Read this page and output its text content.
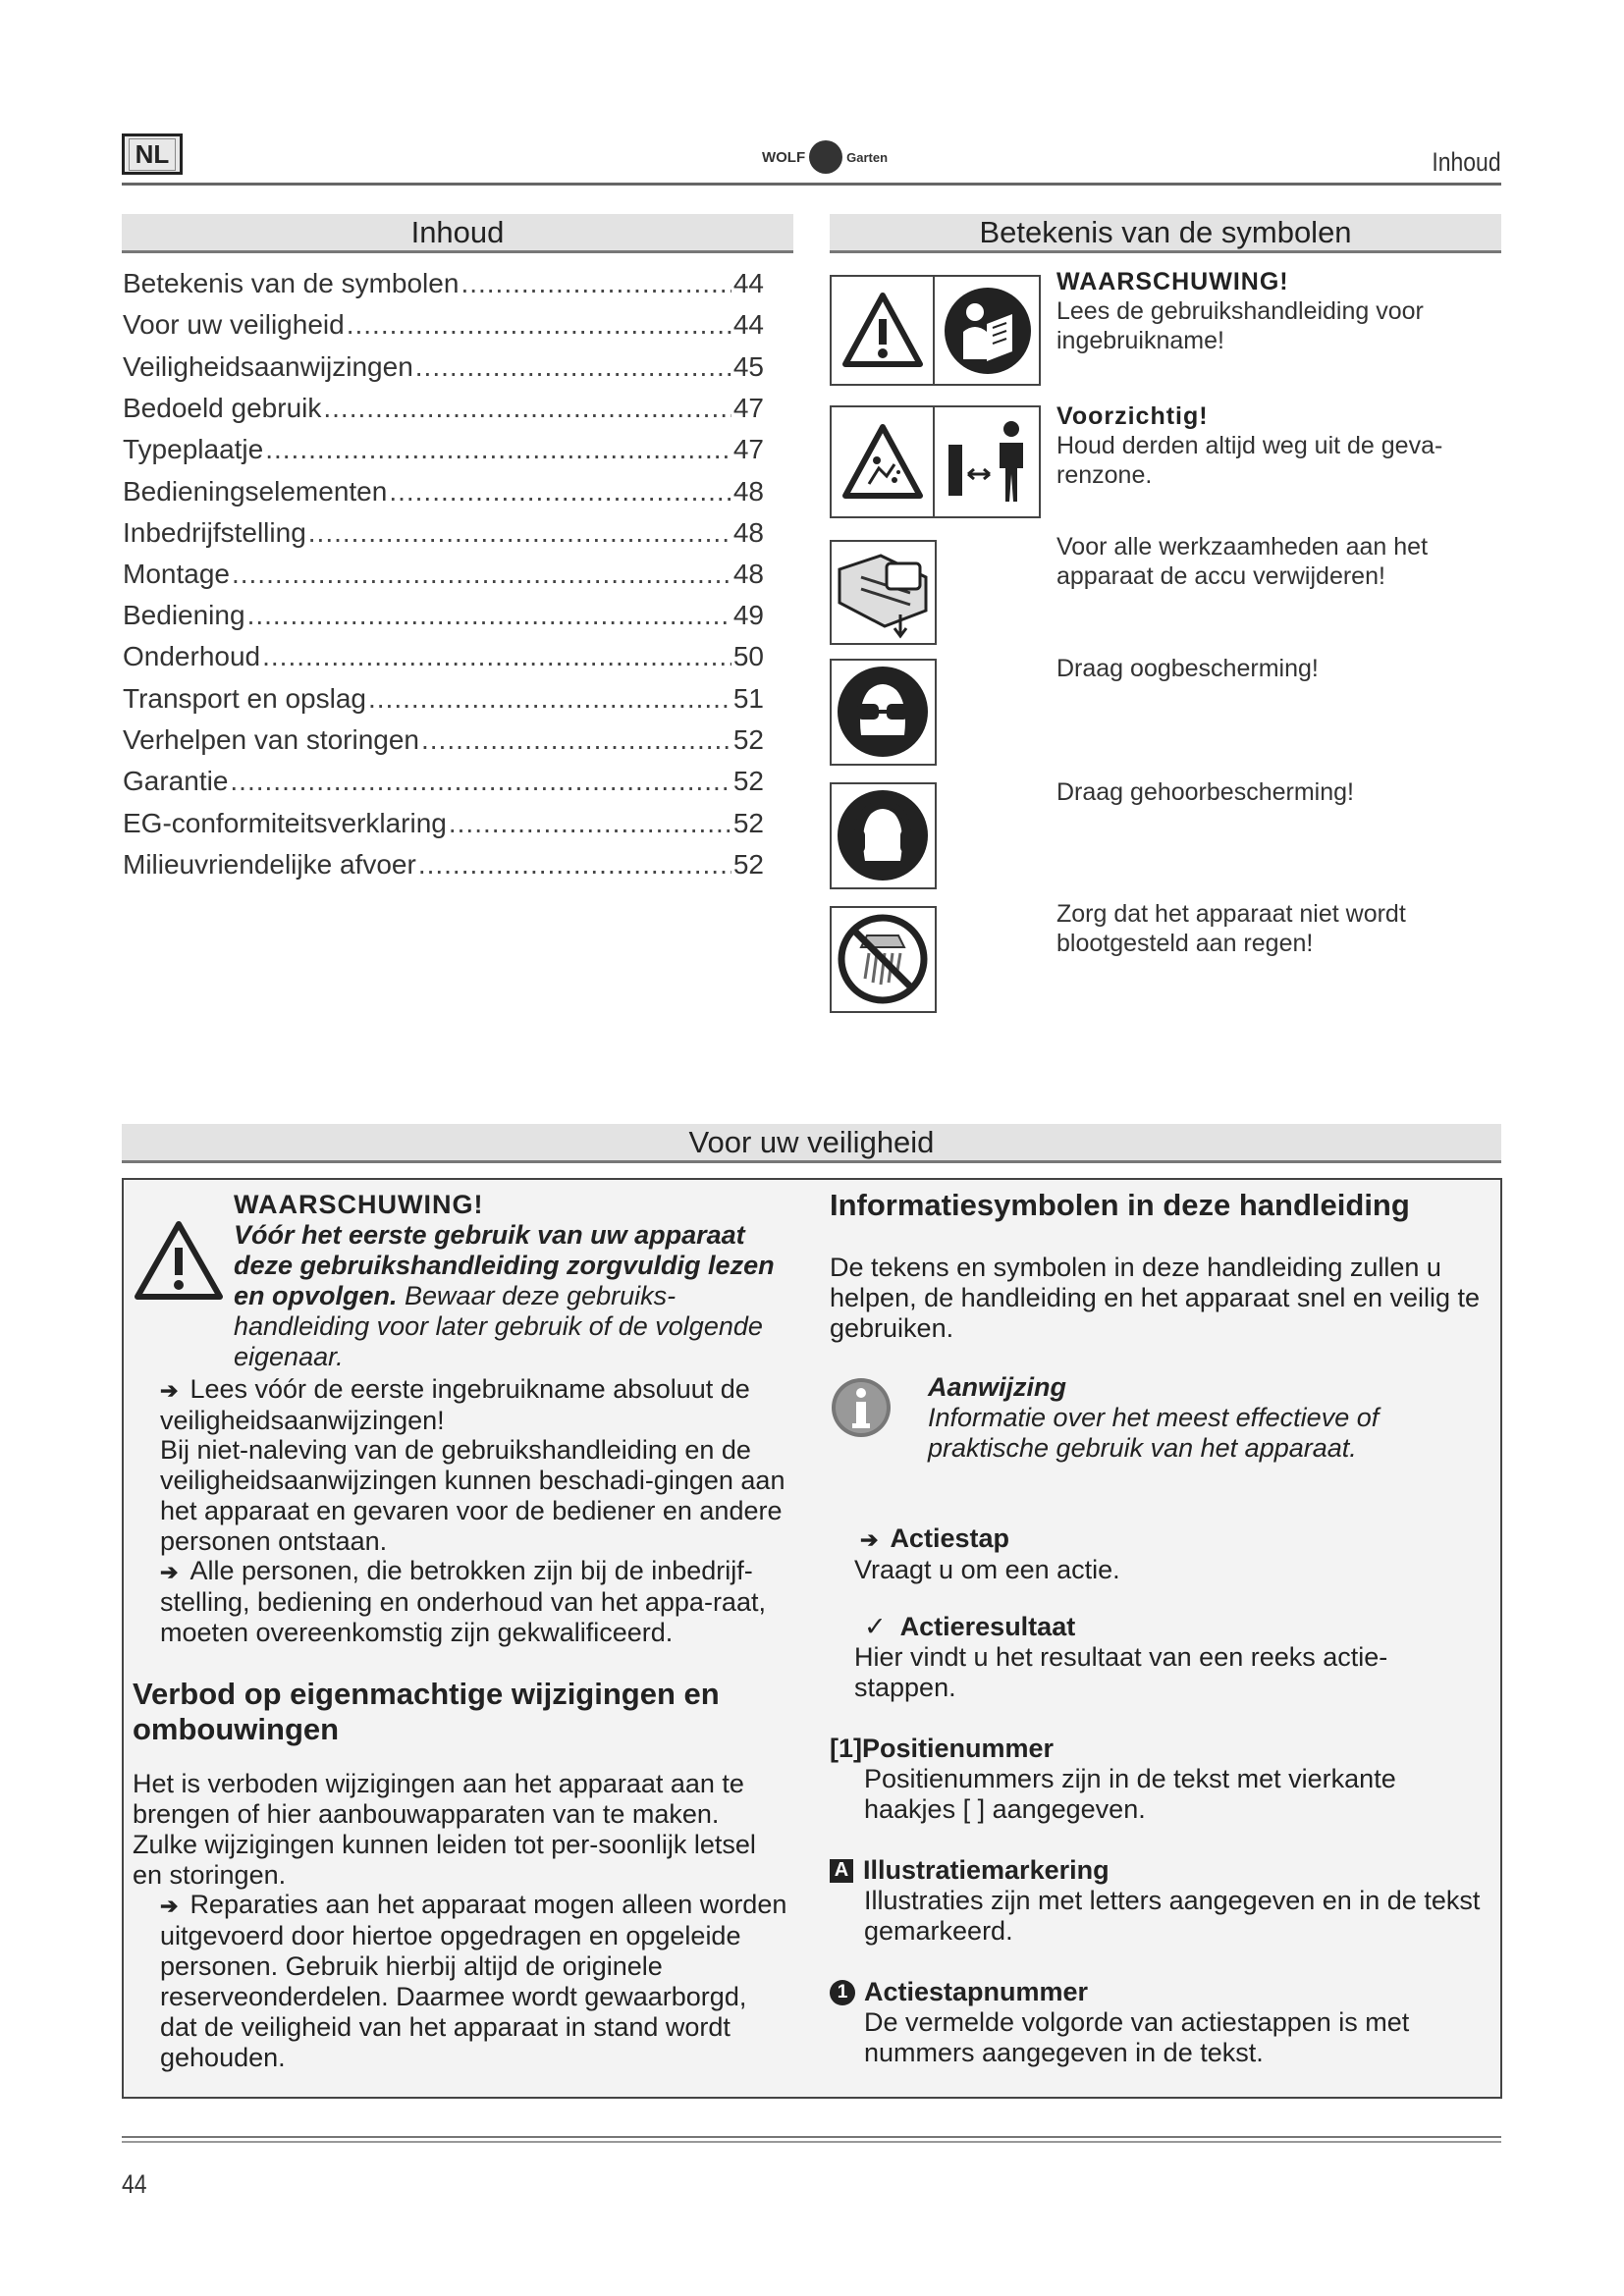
NL	WOLF	Garten	Inhoud
Inhoud
Betekenis van de symbolen .....	44
Voor uw veiligheid .....	44
Veiligheidsaanwijzingen .....	45
Bedoeld gebruik .....	47
Typeplaatje .....	47
Bedieningselementen .....	48
Inbedrijfstelling .....	48
Montage .....	48
Bediening .....	49
Onderhoud .....	50
Transport en opslag .....	51
Verhelpen van storingen .....	52
Garantie .....	52
EG-conformiteitsverklaring .....	52
Milieuvriendelijke afvoer .....	52
Betekenis van de symbolen
WAARSCHUWING!
Lees de gebruikshandleiding voor ingebruikname!
Voorzichtig!
Houd derden altijd weg uit de geva-renzone.
Voor alle werkzaamheden aan het apparaat de accu verwijderen!
Draag oogbescherming!
Draag gehoorbescherming!
Zorg dat het apparaat niet wordt blootgesteld aan regen!
Voor uw veiligheid
WAARSCHUWING!
Vóór het eerste gebruik van uw apparaat deze gebruikshandleiding zorgvuldig lezen en opvolgen. Bewaar deze gebruiks-handleiding voor later gebruik of de volgende eigenaar.
➔ Lees vóór de eerste ingebruikname absoluut de veiligheidsaanwijzingen!
Bij niet-naleving van de gebruikshandleiding en de veiligheidsaanwijzingen kunnen beschadi-gingen aan het apparaat en gevaren voor de bediener en andere personen ontstaan.
➔ Alle personen, die betrokken zijn bij de inbedrijf-stelling, bediening en onderhoud van het appa-raat, moeten overeenkomstig zijn gekwalificeerd.
Verbod op eigenmachtige wijzigingen en ombouwingen
Het is verboden wijzigingen aan het apparaat aan te brengen of hier aanbouwapparaten van te maken. Zulke wijzigingen kunnen leiden tot per-soonlijk letsel en storingen.
➔ Reparaties aan het apparaat mogen alleen worden uitgevoerd door hiertoe opgedragen en opgeleide personen. Gebruik hierbij altijd de originele reserveonderdelen. Daarmee wordt gewaarborgd, dat de veiligheid van het apparaat in stand wordt gehouden.
Informatiesymbolen in deze handleiding
De tekens en symbolen in deze handleiding zullen u helpen, de handleiding en het apparaat snel en veilig te gebruiken.
Aanwijzing
Informatie over het meest effectieve of praktische gebruik van het apparaat.
➔ Actiestap
Vraagt u om een actie.
✓ Actieresultaat
Hier vindt u het resultaat van een reeks actie-stappen.
[1]Positienummer
Positienummers zijn in de tekst met vierkante haakjes [ ] aangegeven.
A Illustratiemarkering
Illustraties zijn met letters aangegeven en in de tekst gemarkeerd.
1 Actiestapnummer
De vermelde volgorde van actiestappen is met nummers aangegeven in de tekst.
44
